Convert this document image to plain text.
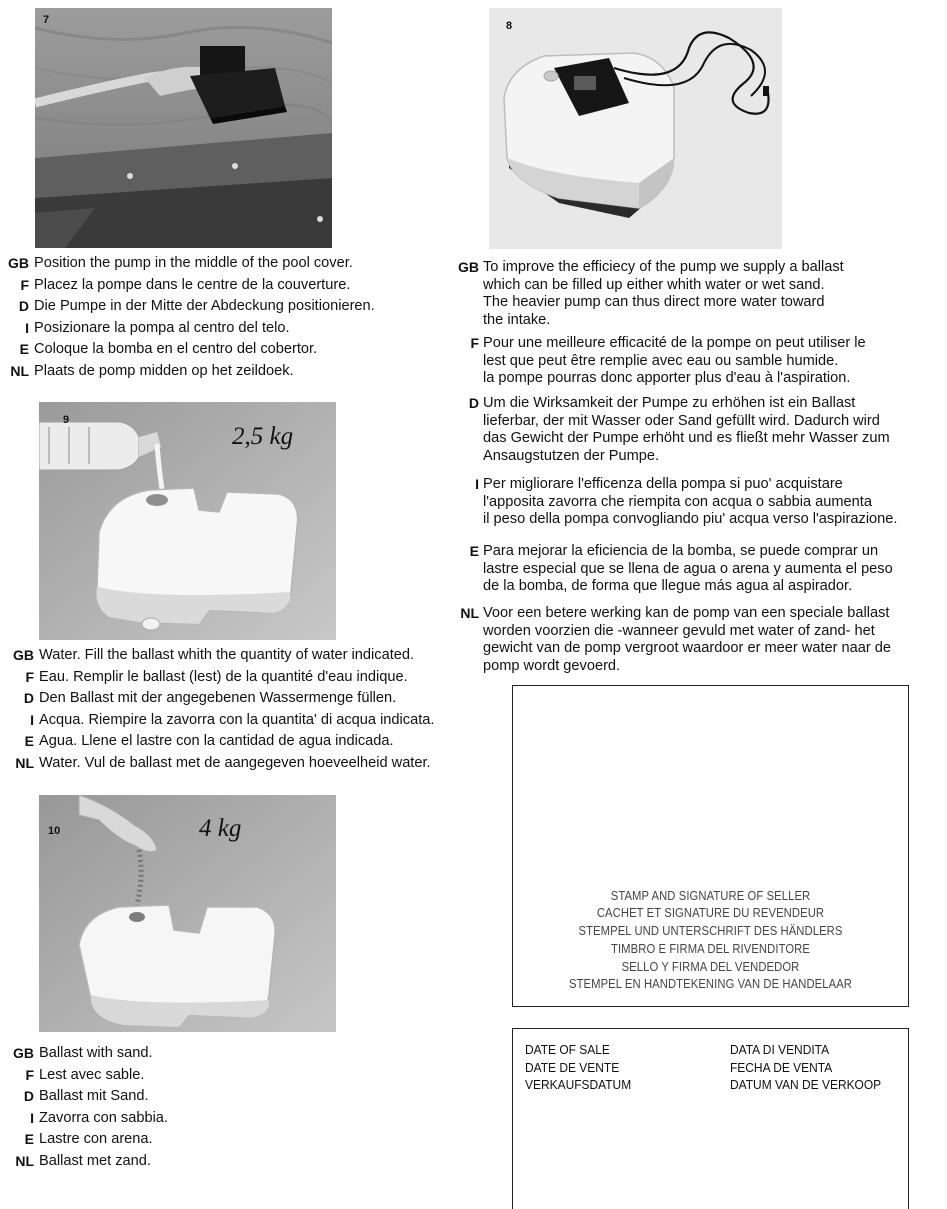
7	8
GB Position the pump in the middle of the pool cover.

F Placez la pompe dans le centre de la couverture.

D Die Pumpe in der Mitte der Abdeckung positionieren.

I Posizionare la pompa al centro del telo.

E Coloque la bomba en el centro del cobertor.

NL Plaats de pomp midden op het zeildoek.

9
2,5 kg
GB Water. Fill the ballast whith the quantity of water indicated.

F Eau. Remplir le ballast (lest) de la quantité d'eau indique.

D Den Ballast mit der angegebenen Wassermenge füllen.

I Acqua. Riempire la zavorra con la quantita' di acqua indicata.

E Agua. Llene el lastre con la cantidad de agua indicada.

NL Water. Vul de ballast met de aangegeven hoeveelheid water.

10	4 kg
GB Ballast with sand.

F Lest avec sable.

D Ballast mit Sand.

I Zavorra con sabbia.

E Lastre con arena.

NL Ballast met zand.

GB To improve the efficiecy of the pump we supply a ballast
which can be filled up either whith water or wet sand.
The heavier pump can thus direct more water toward
the intake.
F Pour une meilleure efficacité de la pompe on peut utiliser le
lest que peut être remplie avec eau ou samble humide.
la pompe pourras donc apporter plus d'eau à l'aspiration.
D Um die Wirksamkeit der Pumpe zu erhöhen ist ein Ballast
lieferbar, der mit Wasser oder Sand gefüllt wird. Dadurch wird
das Gewicht der Pumpe erhöht und es fließt mehr Wasser zum
Ansaugstutzen der Pumpe.
I Per migliorare l'efficenza della pompa si puo' acquistare
l'apposita zavorra che riempita con acqua o sabbia aumenta
il peso della pompa convogliando piu' acqua verso l'aspirazione.
E Para mejorar la eficiencia de la bomba, se puede comprar un
lastre especial que se llena de agua o arena y aumenta el peso
de la bomba, de forma que llegue más agua al aspirador.
NL Voor een betere werking kan de pomp van een speciale ballast
worden voorzien die -wanneer gevuld met water of zand- het
gewicht van de pomp vergroot waardoor er meer water naar de
pomp wordt gevoerd.
STAMP AND SIGNATURE OF SELLER
CACHET ET SIGNATURE DU REVENDEUR
STEMPEL UND UNTERSCHRIFT DES HÄNDLERS
TIMBRO E FIRMA DEL RIVENDITORE
SELLO Y FIRMA DEL VENDEDOR
STEMPEL EN HANDTEKENING VAN DE HANDELAAR
DATE OF SALE
DATE DE VENTE
VERKAUFSDATUM
DATA DI VENDITA
FECHA DE VENTA
DATUM VAN DE VERKOOP
